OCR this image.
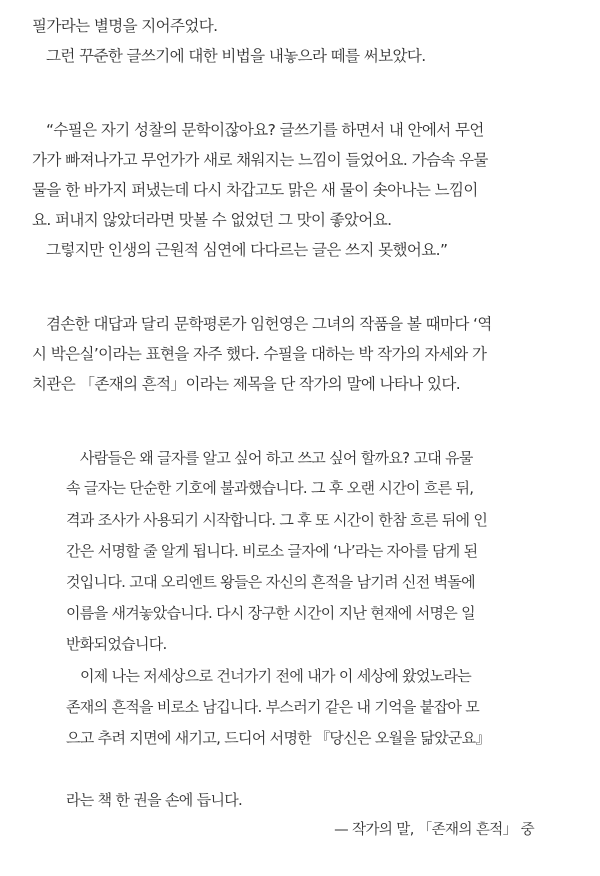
필가라는 별명을 지어주었다.
그런 꾸준한 글쓰기에 대한 비법을 내놓으라 떼를 써보았다.
“수필은 자기 성찰의 문학이잖아요? 글쓰기를 하면서 내 안에서 무언
가가 빠져나가고 무언가가 새로 채워지는 느낌이 들었어요. 가슴속 우물
물을 한 바가지 퍼냈는데 다시 차갑고도 맑은 새 물이 솟아나는 느낌이
요. 퍼내지 않았더라면 맛볼 수 없었던 그 맛이 좋았어요.
그렇지만 인생의 근원적 심연에 다다르는 글은 쓰지 못했어요.”
겸손한 대답과 달리 문학평론가 임헌영은 그녀의 작품을 볼 때마다 ‘역
시 박은실’이라는 표현을 자주 했다. 수필을 대하는 박 작가의 자세와 가
치관은 「존재의 흔적」이라는 제목을 단 작가의 말에 나타나 있다.
사람들은 왜 글자를 알고 싶어 하고 쓰고 싶어 할까요? 고대 유물
속 글자는 단순한 기호에 불과했습니다. 그 후 오랜 시간이 흐른 뒤,
격과 조사가 사용되기 시작합니다. 그 후 또 시간이 한참 흐른 뒤에 인
간은 서명할 줄 알게 됩니다. 비로소 글자에 ‘나’라는 자아를 담게 된
것입니다. 고대 오리엔트 왕들은 자신의 흔적을 남기려 신전 벽돌에
이름을 새겨놓았습니다. 다시 장구한 시간이 지난 현재에 서명은 일
반화되었습니다.
이제 나는 저세상으로 건너가기 전에 내가 이 세상에 왔었노라는
존재의 흔적을 비로소 남깁니다. 부스러기 같은 내 기억을 붙잡아 모
으고 추려 지면에 새기고, 드디어 서명한 『당신은 오월을 닮았군요』
라는 책 한 권을 손에 듭니다.
— 작가의 말, 「존재의 흔적」 중
